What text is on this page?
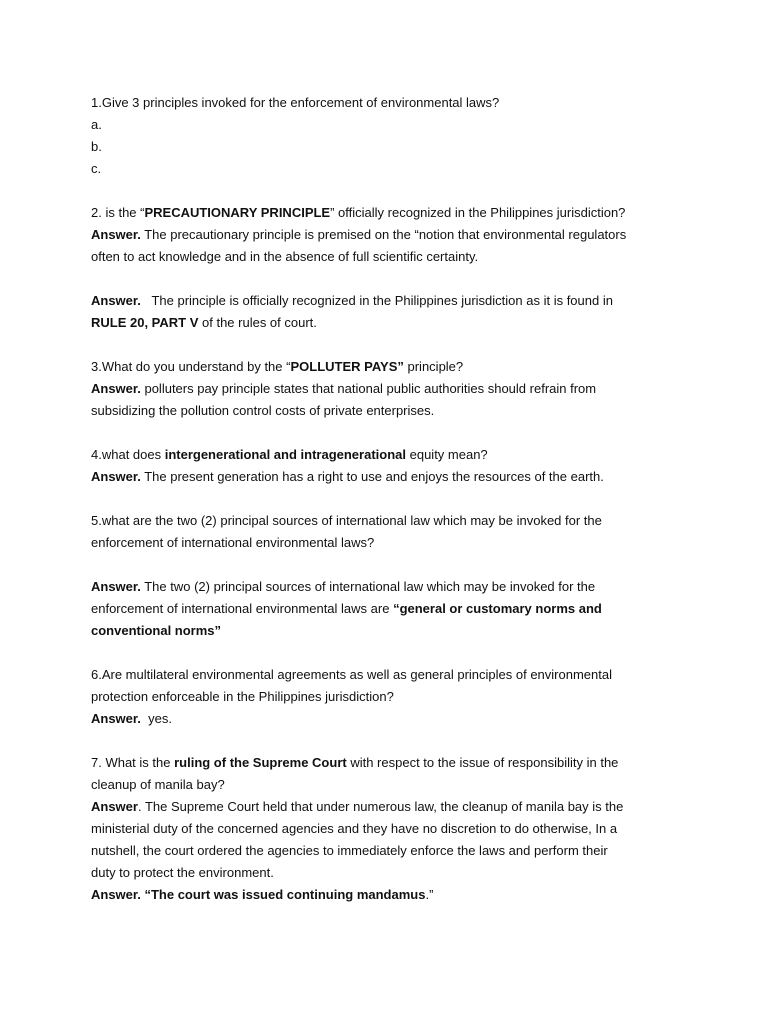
1.Give 3 principles invoked for the enforcement of environmental laws?
a.
b.
c.
2. is the “PRECAUTIONARY PRINCIPLE” officially recognized in the Philippines jurisdiction?
Answer. The precautionary principle is premised on the “notion that environmental regulators
often to act knowledge and in the absence of full scientific certainty.
Answer.   The principle is officially recognized in the Philippines jurisdiction as it is found in
RULE 20, PART V of the rules of court.
3.What do you understand by the “POLLUTER PAYS” principle?
Answer. polluters pay principle states that national public authorities should refrain from
subsidizing the pollution control costs of private enterprises.
4.what does intergenerational and intragenerational equity mean?
Answer. The present generation has a right to use and enjoys the resources of the earth.
5.what are the two (2) principal sources of international law which may be invoked for the
enforcement of international environmental laws?
Answer. The two (2) principal sources of international law which may be invoked for the
enforcement of international environmental laws are “general or customary norms and
conventional norms”
6.Are multilateral environmental agreements as well as general principles of environmental
protection enforceable in the Philippines jurisdiction?
Answer.  yes.
7. What is the ruling of the Supreme Court with respect to the issue of responsibility in the
cleanup of manila bay?
Answer. The Supreme Court held that under numerous law, the cleanup of manila bay is the
ministerial duty of the concerned agencies and they have no discretion to do otherwise, In a
nutshell, the court ordered the agencies to immediately enforce the laws and perform their
duty to protect the environment.
Answer. “The court was issued continuing mandamus.”
